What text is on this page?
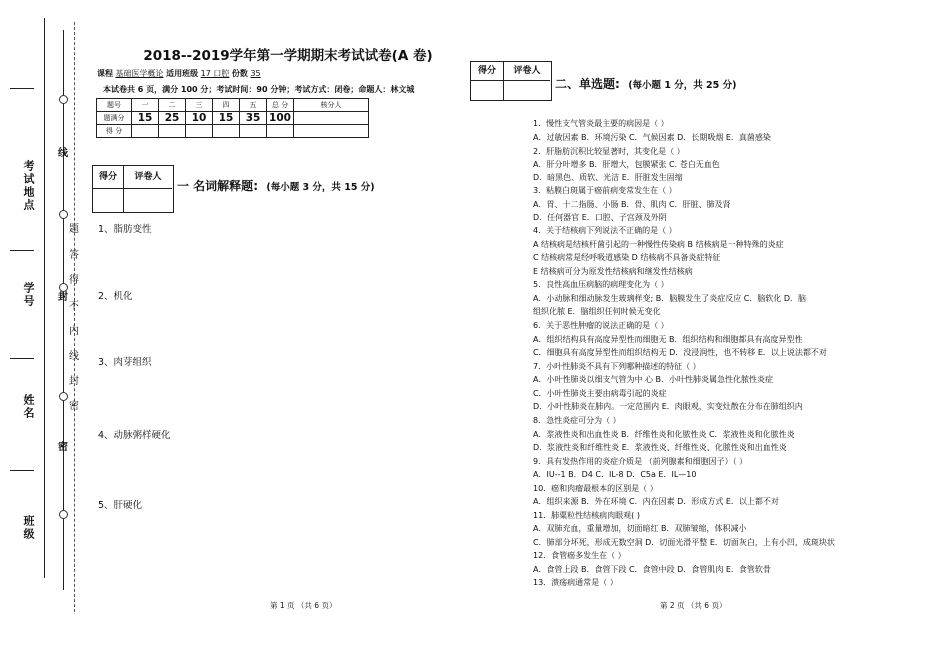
考试地点
学号
姓名
班级
线
封
密
题
答
得
不
内
线
封
密
2018--2019学年第一学期期末考试试卷(A 卷)
课程 基础医学概论 适用班级 17 口腔 份数 35
本试卷共 6 页，满分 100 分；考试时间：90 分钟；考试方式：闭卷；命题人：林文城
题号	一	二	三	四	五	总 分	核分人
题满分	15	25	10	15	35	100	
得 分							
得分	评卷人
一 名词解释题:  (每小题 3 分，共 15 分)
1、脂肪变性
2、机化
3、肉芽组织
4、动脉粥样硬化
5、肝硬化
得分	评卷人
二、单选题:  (每小题 1 分，共 25 分)
1．慢性支气管炎最主要的病因是（ ）
A．过敏因素 B．环境污染 C．气候因素 D．长期吸烟 E．真菌感染
2．肝脂肪沉积比较显著时，其变化是（ ）
A．肝分叶增多 B．肝增大，包膜紧张 C. 苍白无血色
D．暗黑色、质软、光洁 E．肝脏发生固缩
3．粘膜白斑属于癌前病变常发生在（ ）
A．胃、十二指肠、小肠 B．骨、肌肉 C．肝脏、肺及肾
D．任何器官 E．口腔、子宫颈及外阴
4．关于结核病下列说法不正确的是（ ）
A 结核病是结核杆菌引起的一种慢性传染病 B 结核病是一种特殊的炎症
C 结核病常是经呼吸道感染 D 结核病不具备炎症特征
E 结核病可分为原发性结核病和继发性结核病
5．良性高血压病脑的病理变化为（ ）
A．小动脉和细动脉发生玻璃样变; B．脑膜发生了炎症反应 C．脑软化 D．脑
组织化脓 E．脑组织任何时候无变化
6．关于恶性肿瘤的说法正确的是（ ）
A．组织结构具有高度异型性而细胞无 B．组织结构和细胞都具有高度异型性
C．细胞具有高度异型性而组织结构无 D．没浸润性，也不转移 E．以上说法都不对
7．小叶性肺炎不具有下列哪种描述的特征（ ）
A．小叶性肺炎以细支气管为中 心 B．小叶性肺炎属急性化脓性炎症
C．小叶性肺炎主要由病毒引起的炎症
D．小叶性肺炎在肺内。一定范围内 E．肉眼观，实变灶散在分布在肺组织内
8．急性炎症可分为（ ）
A．浆液性炎和出血性炎 B．纤维性炎和化脓性炎 C．浆液性炎和化脓性炎
D．浆液性炎和纤维性炎 E．浆液性炎、纤维性炎、化脓性炎和出血性炎
9．具有发热作用的炎症介质是 （前列腺素和细胞因子）（ ）
A．IU--1 B．D4 C．IL-8 D．C5a E．IL—10
10．癌和肉瘤最根本的区别是（ ）
A．组织来源 B．外在环境 C．内在因素 D．形成方式 E．以上都不对
11．肺粟粒性结核病肉眼观( )
A．双肺充血，重量增加，切面暗红 B．双肺皱缩，体积减小
C．肺部分坏死，形成无数空洞 D．切面光滑平整 E．切面灰白，上有小凹，成斑块状
12．食管癌多发生在（ ）
A．食管上段 B．食管下段 C．食管中段 D．食管肌肉 E．食管软骨
13．溃疡病通常是（ ）
第 1 页 （共 6 页）	第 2 页 （共 6 页）
